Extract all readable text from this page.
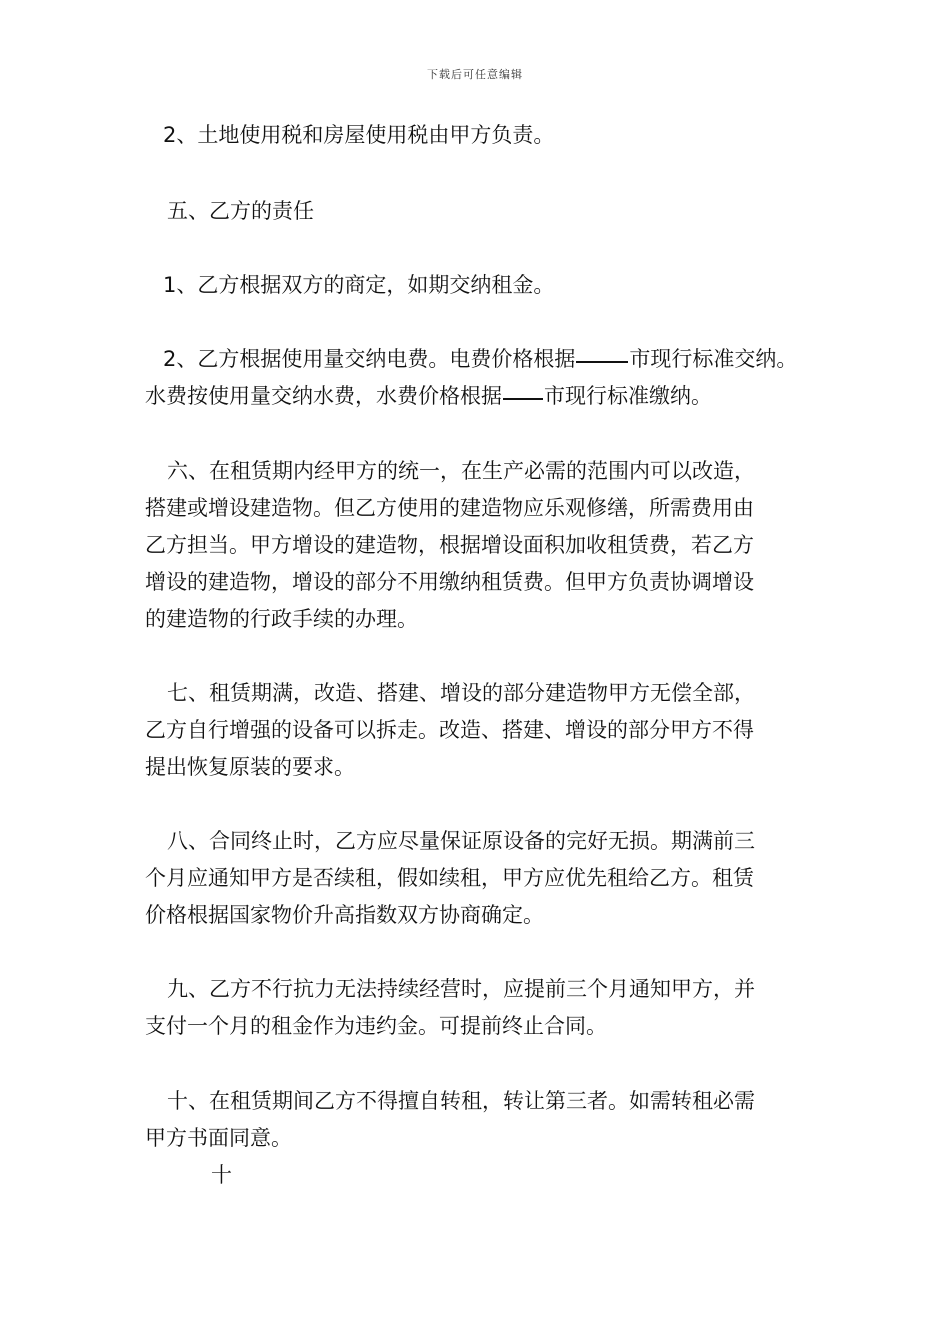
下载后可任意编辑

2、土地使用税和房屋使用税由甲方负责。

五、乙方的责任

1、乙方根据双方的商定，如期交纳租金。

2、乙方根据使用量交纳电费。电费价格根据	市现行标准交纳。
水费按使用量交纳水费，水费价格根据 市现行标准缴纳。
六、在租赁期内经甲方的统一，在生产必需的范围内可以改造，
搭建或增设建造物。但乙方使用的建造物应乐观修缮，所需费用由
乙方担当。甲方增设的建造物，根据增设面积加收租赁费，若乙方
增设的建造物，增设的部分不用缴纳租赁费。但甲方负责协调增设
的建造物的行政手续的办理。
七、租赁期满，改造、搭建、增设的部分建造物甲方无偿全部，
乙方自行增强的设备可以拆走。改造、搭建、增设的部分甲方不得
提出恢复原装的要求。
八、合同终止时，乙方应尽量保证原设备的完好无损。期满前三
个月应通知甲方是否续租，假如续租，甲方应优先租给乙方。租赁
价格根据国家物价升高指数双方协商确定。
九、乙方不行抗力无法持续经营时，应提前三个月通知甲方，并
支付一个月的租金作为违约金。可提前终止合同。
十、在租赁期间乙方不得擅自转租，转让第三者。如需转租必需
甲方书面同意。

十
